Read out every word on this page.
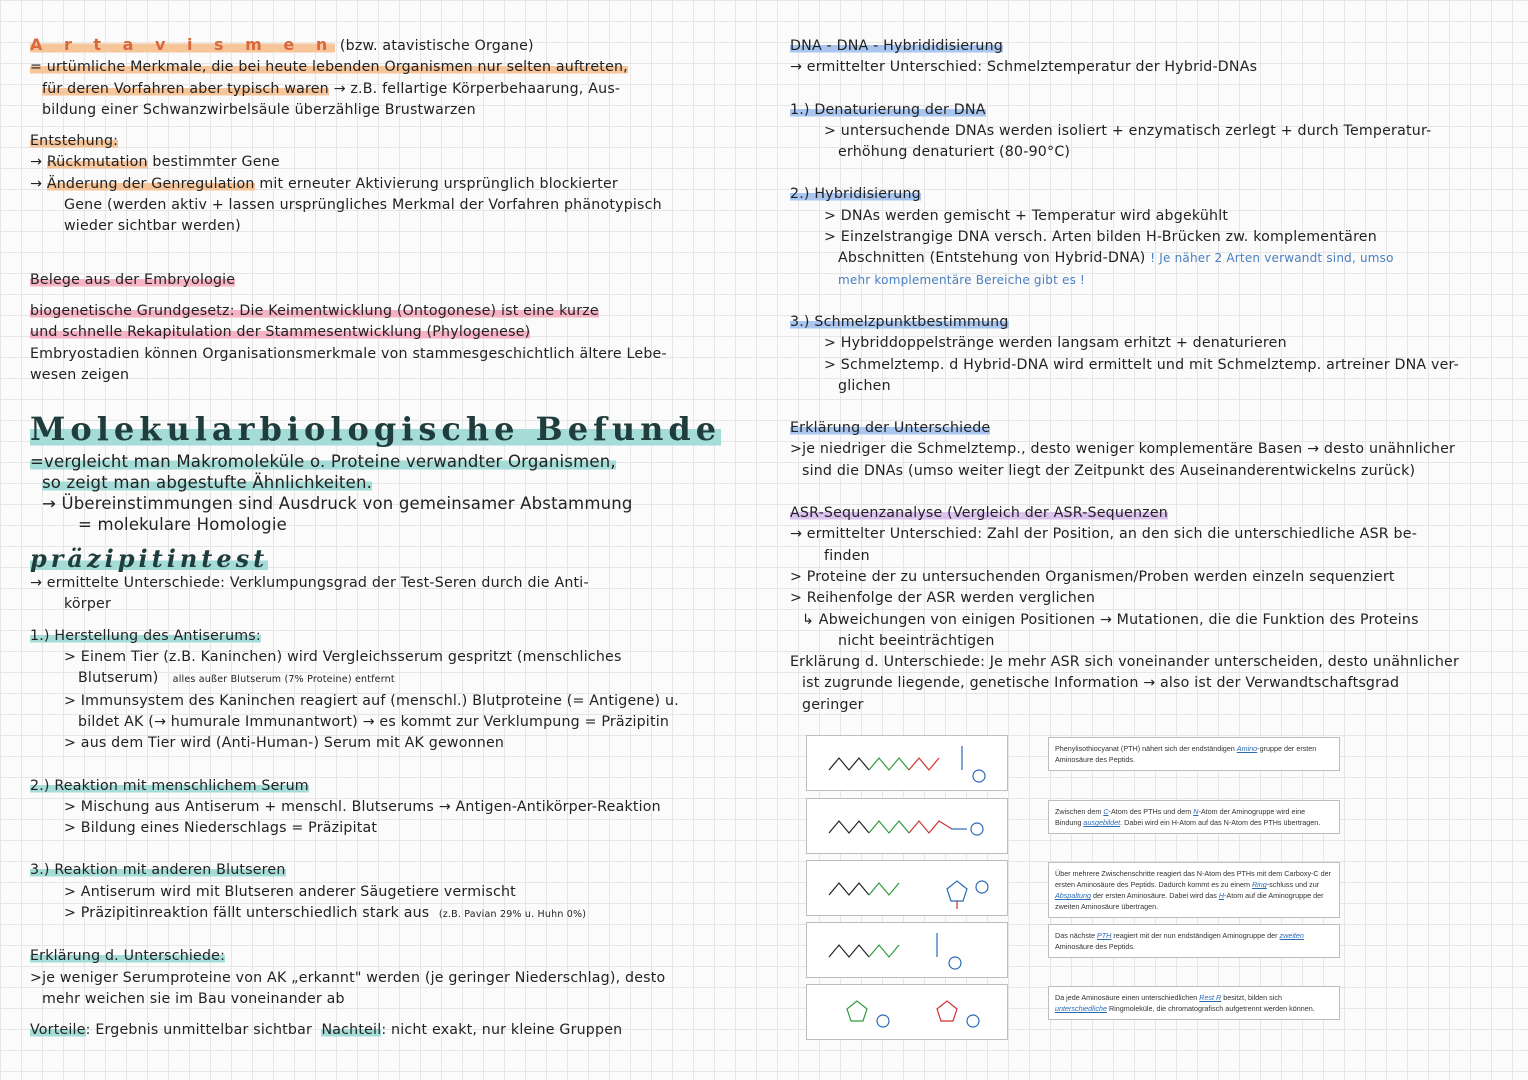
A r t a v i s m e n (bzw. atavistische Organe)
= urtümliche Merkmale, die bei heute lebenden Organismen nur selten auftreten,
für deren Vorfahren aber typisch waren → z.B. fellartige Körperbehaarung, Aus-
bildung einer Schwanzwirbelsäule überzählige Brustwarzen
Entstehung:
→ Rückmutation bestimmter Gene
→ Änderung der Genregulation mit erneuter Aktivierung ursprünglich blockierter
Gene (werden aktiv + lassen ursprüngliches Merkmal der Vorfahren phänotypisch
wieder sichtbar werden)
Belege aus der Embryologie
biogenetische Grundgesetz: Die Keimentwicklung (Ontogonese) ist eine kurze
und schnelle Rekapitulation der Stammesentwicklung (Phylogenese)
Embryostadien können Organisationsmerkmale von stammesgeschichtlich ältere Lebe-
wesen zeigen
Molekularbiologische Befunde
=vergleicht man Makromoleküle o. Proteine verwandter Organismen,
so zeigt man abgestufte Ähnlichkeiten.
→ Übereinstimmungen sind Ausdruck von gemeinsamer Abstammung
= molekulare Homologie
präzipitintest
→ ermittelte Unterschiede: Verklumpungsgrad der Test-Seren durch die Anti-
körper
1.) Herstellung des Antiserums:
> Einem Tier (z.B. Kaninchen) wird Vergleichsserum gespritzt (menschliches
Blutserum) alles außer Blutserum (7% Proteine) entfernt
> Immunsystem des Kaninchen reagiert auf (menschl.) Blutproteine (= Antigene) u.
bildet AK (→ humurale Immunantwort) → es kommt zur Verklumpung = Präzipitin
> aus dem Tier wird (Anti-Human-) Serum mit AK gewonnen
2.) Reaktion mit menschlichem Serum
> Mischung aus Antiserum + menschl. Blutserums → Antigen-Antikörper-Reaktion
> Bildung eines Niederschlags = Präzipitat
3.) Reaktion mit anderen Blutseren
> Antiserum wird mit Blutseren anderer Säugetiere vermischt
> Präzipitinreaktion fällt unterschiedlich stark aus (z.B. Pavian 29% u. Huhn 0%)
Erklärung d. Unterschiede:
>je weniger Serumproteine von AK „erkannt" werden (je geringer Niederschlag), desto
mehr weichen sie im Bau voneinander ab
Vorteile: Ergebnis unmittelbar sichtbar Nachteil: nicht exakt, nur kleine Gruppen
DNA - DNA - Hybrididisierung
→ ermittelter Unterschied: Schmelztemperatur der Hybrid-DNAs
1.) Denaturierung der DNA
> untersuchende DNAs werden isoliert + enzymatisch zerlegt + durch Temperatur-
erhöhung denaturiert (80-90°C)
2.) Hybridisierung
> DNAs werden gemischt + Temperatur wird abgekühlt
> Einzelstrangige DNA versch. Arten bilden H-Brücken zw. komplementären
Abschnitten (Entstehung von Hybrid-DNA) ! Je näher 2 Arten verwandt sind, umso
mehr komplementäre Bereiche gibt es !
3.) Schmelzpunktbestimmung
> Hybriddoppelstränge werden langsam erhitzt + denaturieren
> Schmelztemp. d Hybrid-DNA wird ermittelt und mit Schmelztemp. artreiner DNA ver-
glichen
Erklärung der Unterschiede
>je niedriger die Schmelztemp., desto weniger komplementäre Basen → desto unähnlicher
sind die DNAs (umso weiter liegt der Zeitpunkt des Auseinanderentwickelns zurück)
ASR-Sequenzanalyse (Vergleich der ASR-Sequenzen
→ ermittelter Unterschied: Zahl der Position, an den sich die unterschiedliche ASR be-
finden
> Proteine der zu untersuchenden Organismen/Proben werden einzeln sequenziert
> Reihenfolge der ASR werden verglichen
↳ Abweichungen von einigen Positionen → Mutationen, die die Funktion des Proteins
nicht beeinträchtigen
Erklärung d. Unterschiede: Je mehr ASR sich voneinander unterscheiden, desto unähnlicher
ist zugrunde liegende, genetische Information → also ist der Verwandtschaftsgrad
geringer
Phenylisothiocyanat (PTH) nähert sich der endständigen Amino-gruppe der ersten Aminosäure des Peptids.
Zwischen dem C-Atom des PTHs und dem N-Atom der Aminogruppe wird eine Bindung ausgebildet. Dabei wird ein H-Atom auf das N-Atom des PTHs übertragen.
Über mehrere Zwischenschritte reagiert das N-Atom des PTHs mit dem Carboxy-C der ersten Aminosäure des Peptids. Dadurch kommt es zu einem Ring-schluss und zur Abspaltung der ersten Aminosäure. Dabei wird das H-Atom auf die Aminogruppe der zweiten Aminosäure übertragen.
Das nächste PTH reagiert mit der nun endständigen Aminogruppe der zweiten Aminosäure des Peptids.
Da jede Aminosäure einen unterschiedlichen Rest R besitzt, bilden sich unterschiedliche Ringmoleküle, die chromatografisch aufgetrennt werden können.
